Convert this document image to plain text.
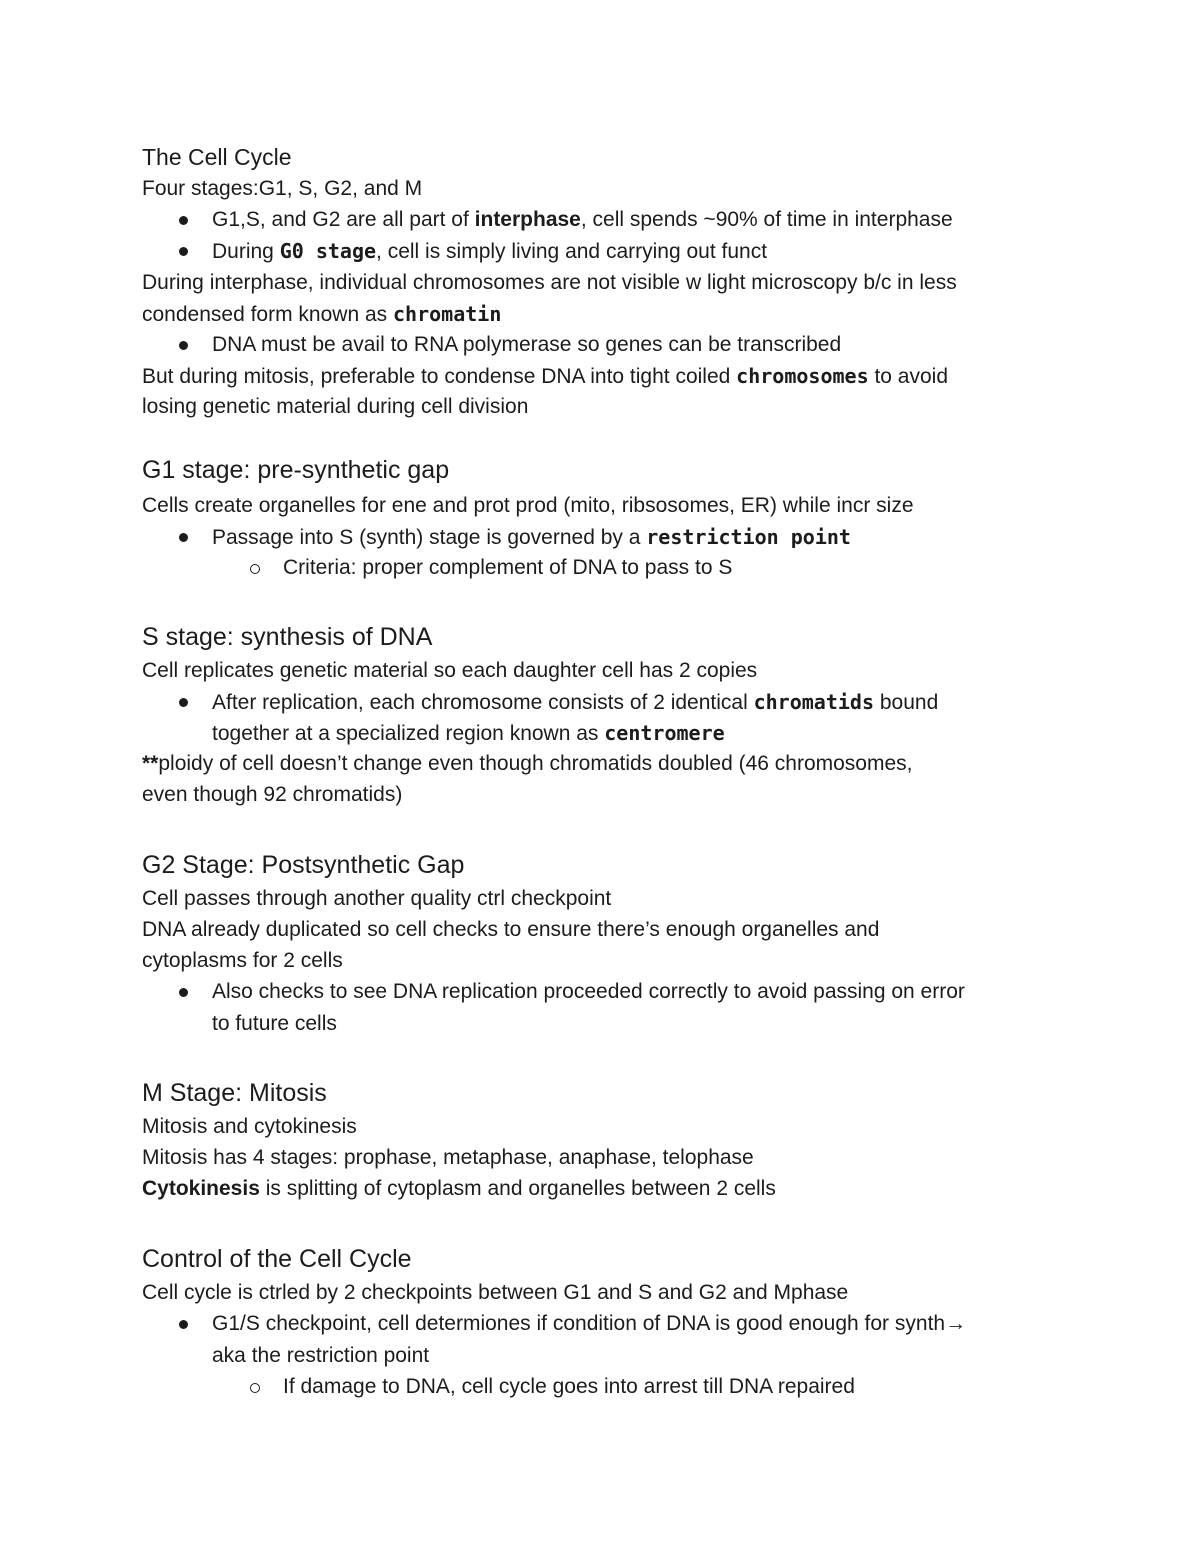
The Cell Cycle
Four stages:G1, S, G2, and M
G1,S, and G2 are all part of interphase, cell spends ~90% of time in interphase
During G0 stage, cell is simply living and carrying out funct
During interphase, individual chromosomes are not visible w light microscopy b/c in less
condensed form known as chromatin
DNA must be avail to RNA polymerase so genes can be transcribed
But during mitosis, preferable to condense DNA into tight coiled chromosomes to avoid
losing genetic material during cell division
G1 stage: pre-synthetic gap
Cells create organelles for ene and prot prod (mito, ribsosomes, ER) while incr size
Passage into S (synth) stage is governed by a restriction point
Criteria: proper complement of DNA to pass to S
S stage: synthesis of DNA
Cell replicates genetic material so each daughter cell has 2 copies
After replication, each chromosome consists of 2 identical chromatids bound
together at a specialized region known as centromere
**ploidy of cell doesn’t change even though chromatids doubled (46 chromosomes,
even though 92 chromatids)
G2 Stage: Postsynthetic Gap
Cell passes through another quality ctrl checkpoint
DNA already duplicated so cell checks to ensure there’s enough organelles and
cytoplasms for 2 cells
Also checks to see DNA replication proceeded correctly to avoid passing on error
to future cells
M Stage: Mitosis
Mitosis and cytokinesis
Mitosis has 4 stages: prophase, metaphase, anaphase, telophase
Cytokinesis is splitting of cytoplasm and organelles between 2 cells
Control of the Cell Cycle
Cell cycle is ctrled by 2 checkpoints between G1 and S and G2 and Mphase
G1/S checkpoint, cell determiones if condition of DNA is good enough for synth→
aka the restriction point
If damage to DNA, cell cycle goes into arrest till DNA repaired
